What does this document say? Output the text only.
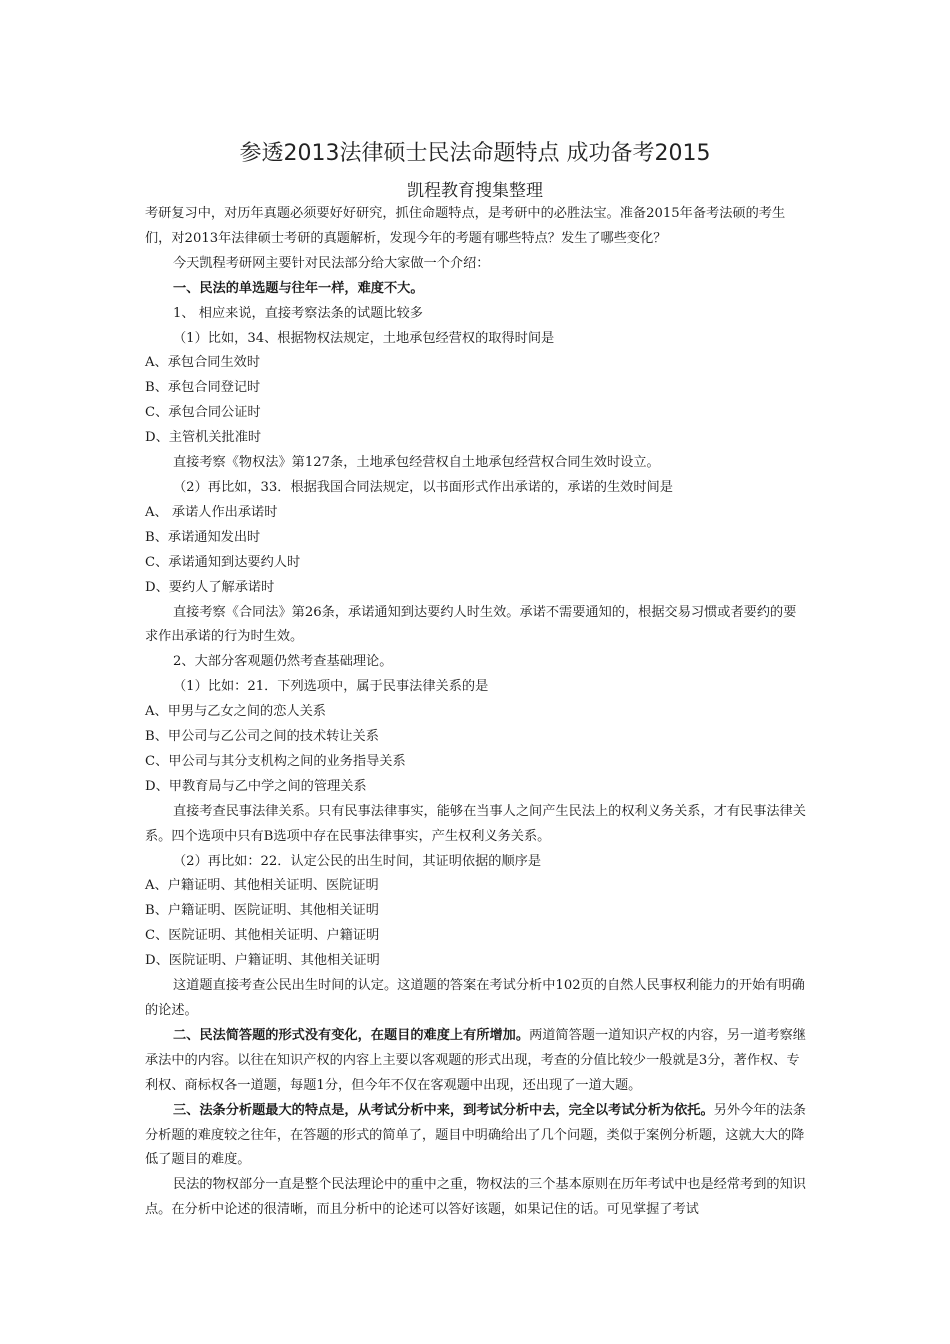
参透2013法律硕士民法命题特点 成功备考2015
凯程教育搜集整理

考研复习中，对历年真题必须要好好研究，抓住命题特点，是考研中的必胜法宝。准备2015年备考法硕的考生们，对2013年法律硕士考研的真题解析，发现今年的考题有哪些特点？发生了哪些变化？

今天凯程考研网主要针对民法部分给大家做一个介绍：

一、民法的单选题与往年一样，难度不大。

1、 相应来说，直接考察法条的试题比较多

（1）比如，34、根据物权法规定，土地承包经营权的取得时间是

A、承包合同生效时

B、承包合同登记时

C、承包合同公证时

D、主管机关批准时

直接考察《物权法》第127条，土地承包经营权自土地承包经营权合同生效时设立。

（2）再比如，33．根据我国合同法规定，以书面形式作出承诺的，承诺的生效时间是

A、 承诺人作出承诺时

B、承诺通知发出时

C、承诺通知到达要约人时

D、要约人了解承诺时

直接考察《合同法》第26条，承诺通知到达要约人时生效。承诺不需要通知的，根据交易习惯或者要约的要求作出承诺的行为时生效。

2、大部分客观题仍然考查基础理论。

（1）比如：21．下列选项中，属于民事法律关系的是

A、甲男与乙女之间的恋人关系

B、甲公司与乙公司之间的技术转让关系

C、甲公司与其分支机构之间的业务指导关系

D、甲教育局与乙中学之间的管理关系

直接考查民事法律关系。只有民事法律事实，能够在当事人之间产生民法上的权利义务关系，才有民事法律关系。四个选项中只有B选项中存在民事法律事实，产生权利义务关系。

（2）再比如：22．认定公民的出生时间，其证明依据的顺序是

A、户籍证明、其他相关证明、医院证明

B、户籍证明、医院证明、其他相关证明

C、医院证明、其他相关证明、户籍证明

D、医院证明、户籍证明、其他相关证明

这道题直接考查公民出生时间的认定。这道题的答案在考试分析中102页的自然人民事权利能力的开始有明确的论述。

二、民法简答题的形式没有变化，在题目的难度上有所增加。两道简答题一道知识产权的内容，另一道考察继承法中的内容。以往在知识产权的内容上主要以客观题的形式出现，考查的分值比较少一般就是3分，著作权、专利权、商标权各一道题，每题1分，但今年不仅在客观题中出现，还出现了一道大题。

三、法条分析题最大的特点是，从考试分析中来，到考试分析中去，完全以考试分析为依托。另外今年的法条分析题的难度较之往年，在答题的形式的简单了，题目中明确给出了几个问题，类似于案例分析题，这就大大的降低了题目的难度。

民法的物权部分一直是整个民法理论中的重中之重，物权法的三个基本原则在历年考试中也是经常考到的知识点。在分析中论述的很清晰，而且分析中的论述可以答好该题，如果记住的话。可见掌握了考试
